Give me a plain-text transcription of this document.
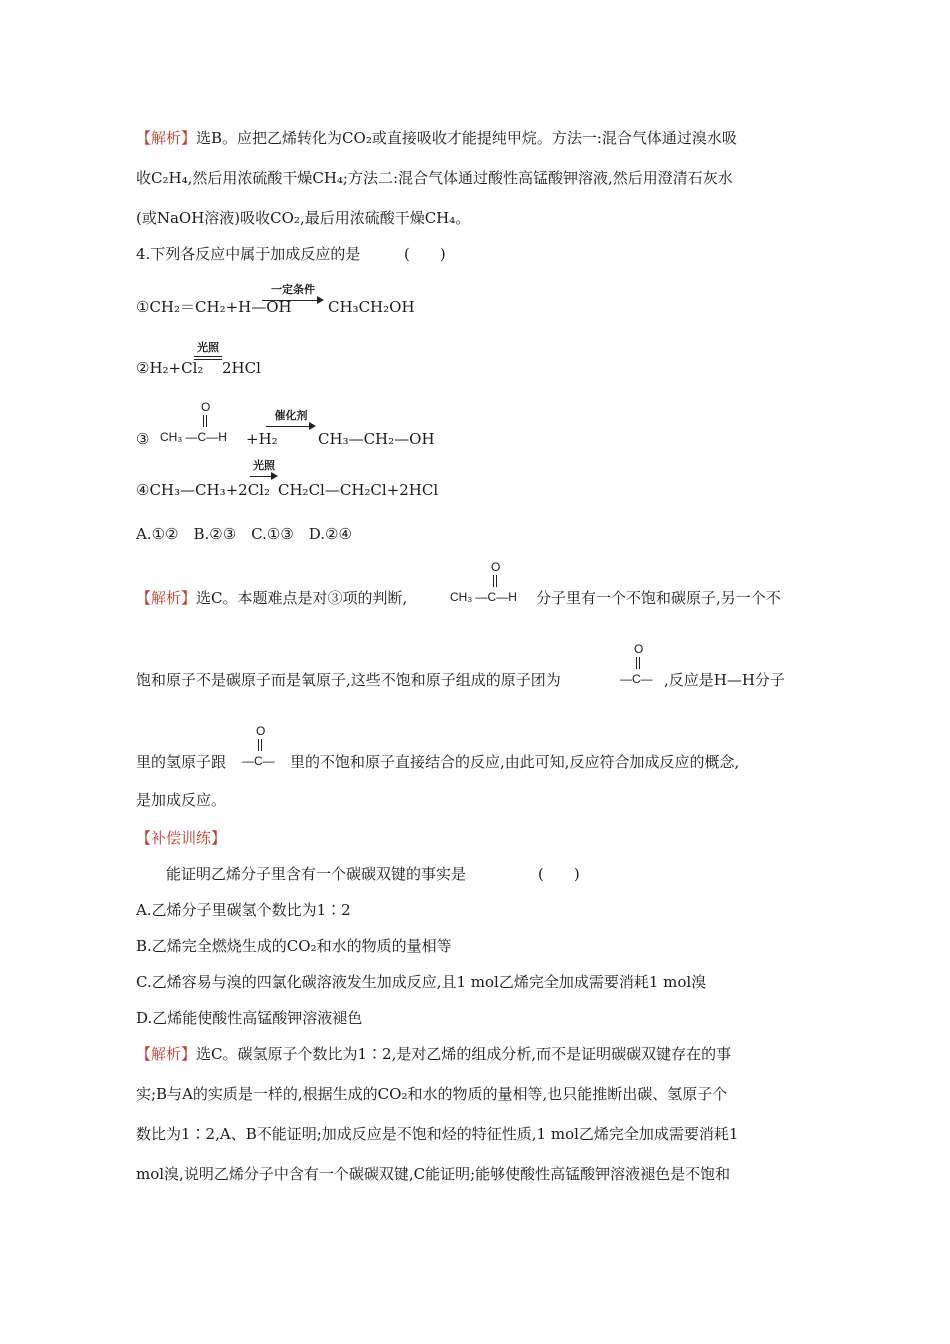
【解析】选B。应把乙烯转化为CO₂或直接吸收才能提纯甲烷。方法一:混合气体通过溴水吸
收C₂H₄,然后用浓硫酸干燥CH₄;方法二:混合气体通过酸性高锰酸钾溶液,然后用澄清石灰水
(或NaOH溶液)吸收CO₂,最后用浓硫酸干燥CH₄。
4.下列各反应中属于加成反应的是	(　　)
①CH₂＝CH₂+H—OH
一定条件
CH₃CH₂OH
②H₂+Cl₂
光照
2HCl
③
O
CH₃ —C—H +H₂
催化剂
CH₃—CH₂—OH
④CH₃—CH₃+2Cl₂
光照
CH₂Cl—CH₂Cl+2HCl
A.①②　B.②③　C.①③　D.②④
【解析】选C。本题难点是对③项的判断,
O
CH₃ —C—H 分子里有一个不饱和碳原子,另一个不
饱和原子不是碳原子而是氧原子,这些不饱和原子组成的原子团为
O
—C— ,反应是H—H分子
里的氢原子跟
O
—C— 里的不饱和原子直接结合的反应,由此可知,反应符合加成反应的概念,
是加成反应。
【补偿训练】
能证明乙烯分子里含有一个碳碳双键的事实是	(　　)
A.乙烯分子里碳氢个数比为1∶2
B.乙烯完全燃烧生成的CO₂和水的物质的量相等
C.乙烯容易与溴的四氯化碳溶液发生加成反应,且1 mol乙烯完全加成需要消耗1 mol溴
D.乙烯能使酸性高锰酸钾溶液褪色
【解析】选C。碳氢原子个数比为1∶2,是对乙烯的组成分析,而不是证明碳碳双键存在的事
实;B与A的实质是一样的,根据生成的CO₂和水的物质的量相等,也只能推断出碳、氢原子个
数比为1∶2,A、B不能证明;加成反应是不饱和烃的特征性质,1 mol乙烯完全加成需要消耗1
mol溴,说明乙烯分子中含有一个碳碳双键,C能证明;能够使酸性高锰酸钾溶液褪色是不饱和
